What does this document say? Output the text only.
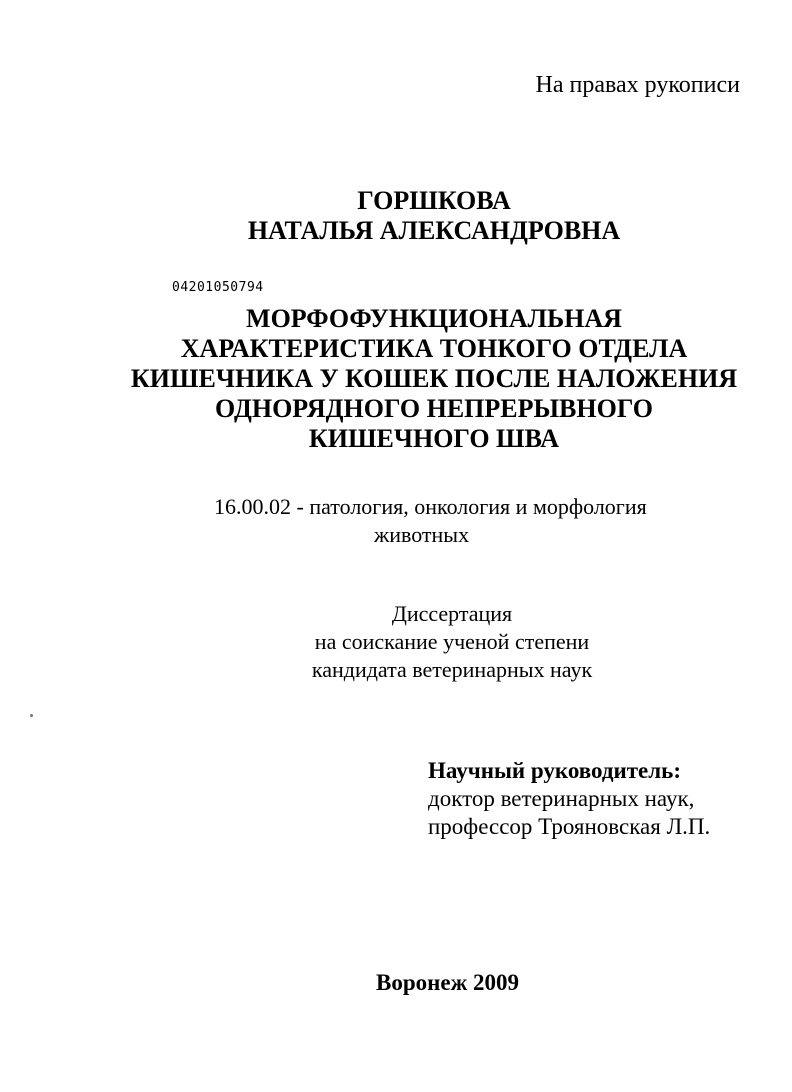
На правах рукописи
ГОРШКОВА
НАТАЛЬЯ АЛЕКСАНДРОВНА
04201050794
МОРФОФУНКЦИОНАЛЬНАЯ
ХАРАКТЕРИСТИКА ТОНКОГО ОТДЕЛА
КИШЕЧНИКА У КОШЕК ПОСЛЕ НАЛОЖЕНИЯ
ОДНОРЯДНОГО НЕПРЕРЫВНОГО
КИШЕЧНОГО ШВА
16.00.02 - патология, онкология и морфология
животных
Диссертация
на соискание ученой степени
кандидата ветеринарных наук
Научный руководитель:
доктор ветеринарных наук,
профессор Трояновская Л.П.
Воронеж 2009
